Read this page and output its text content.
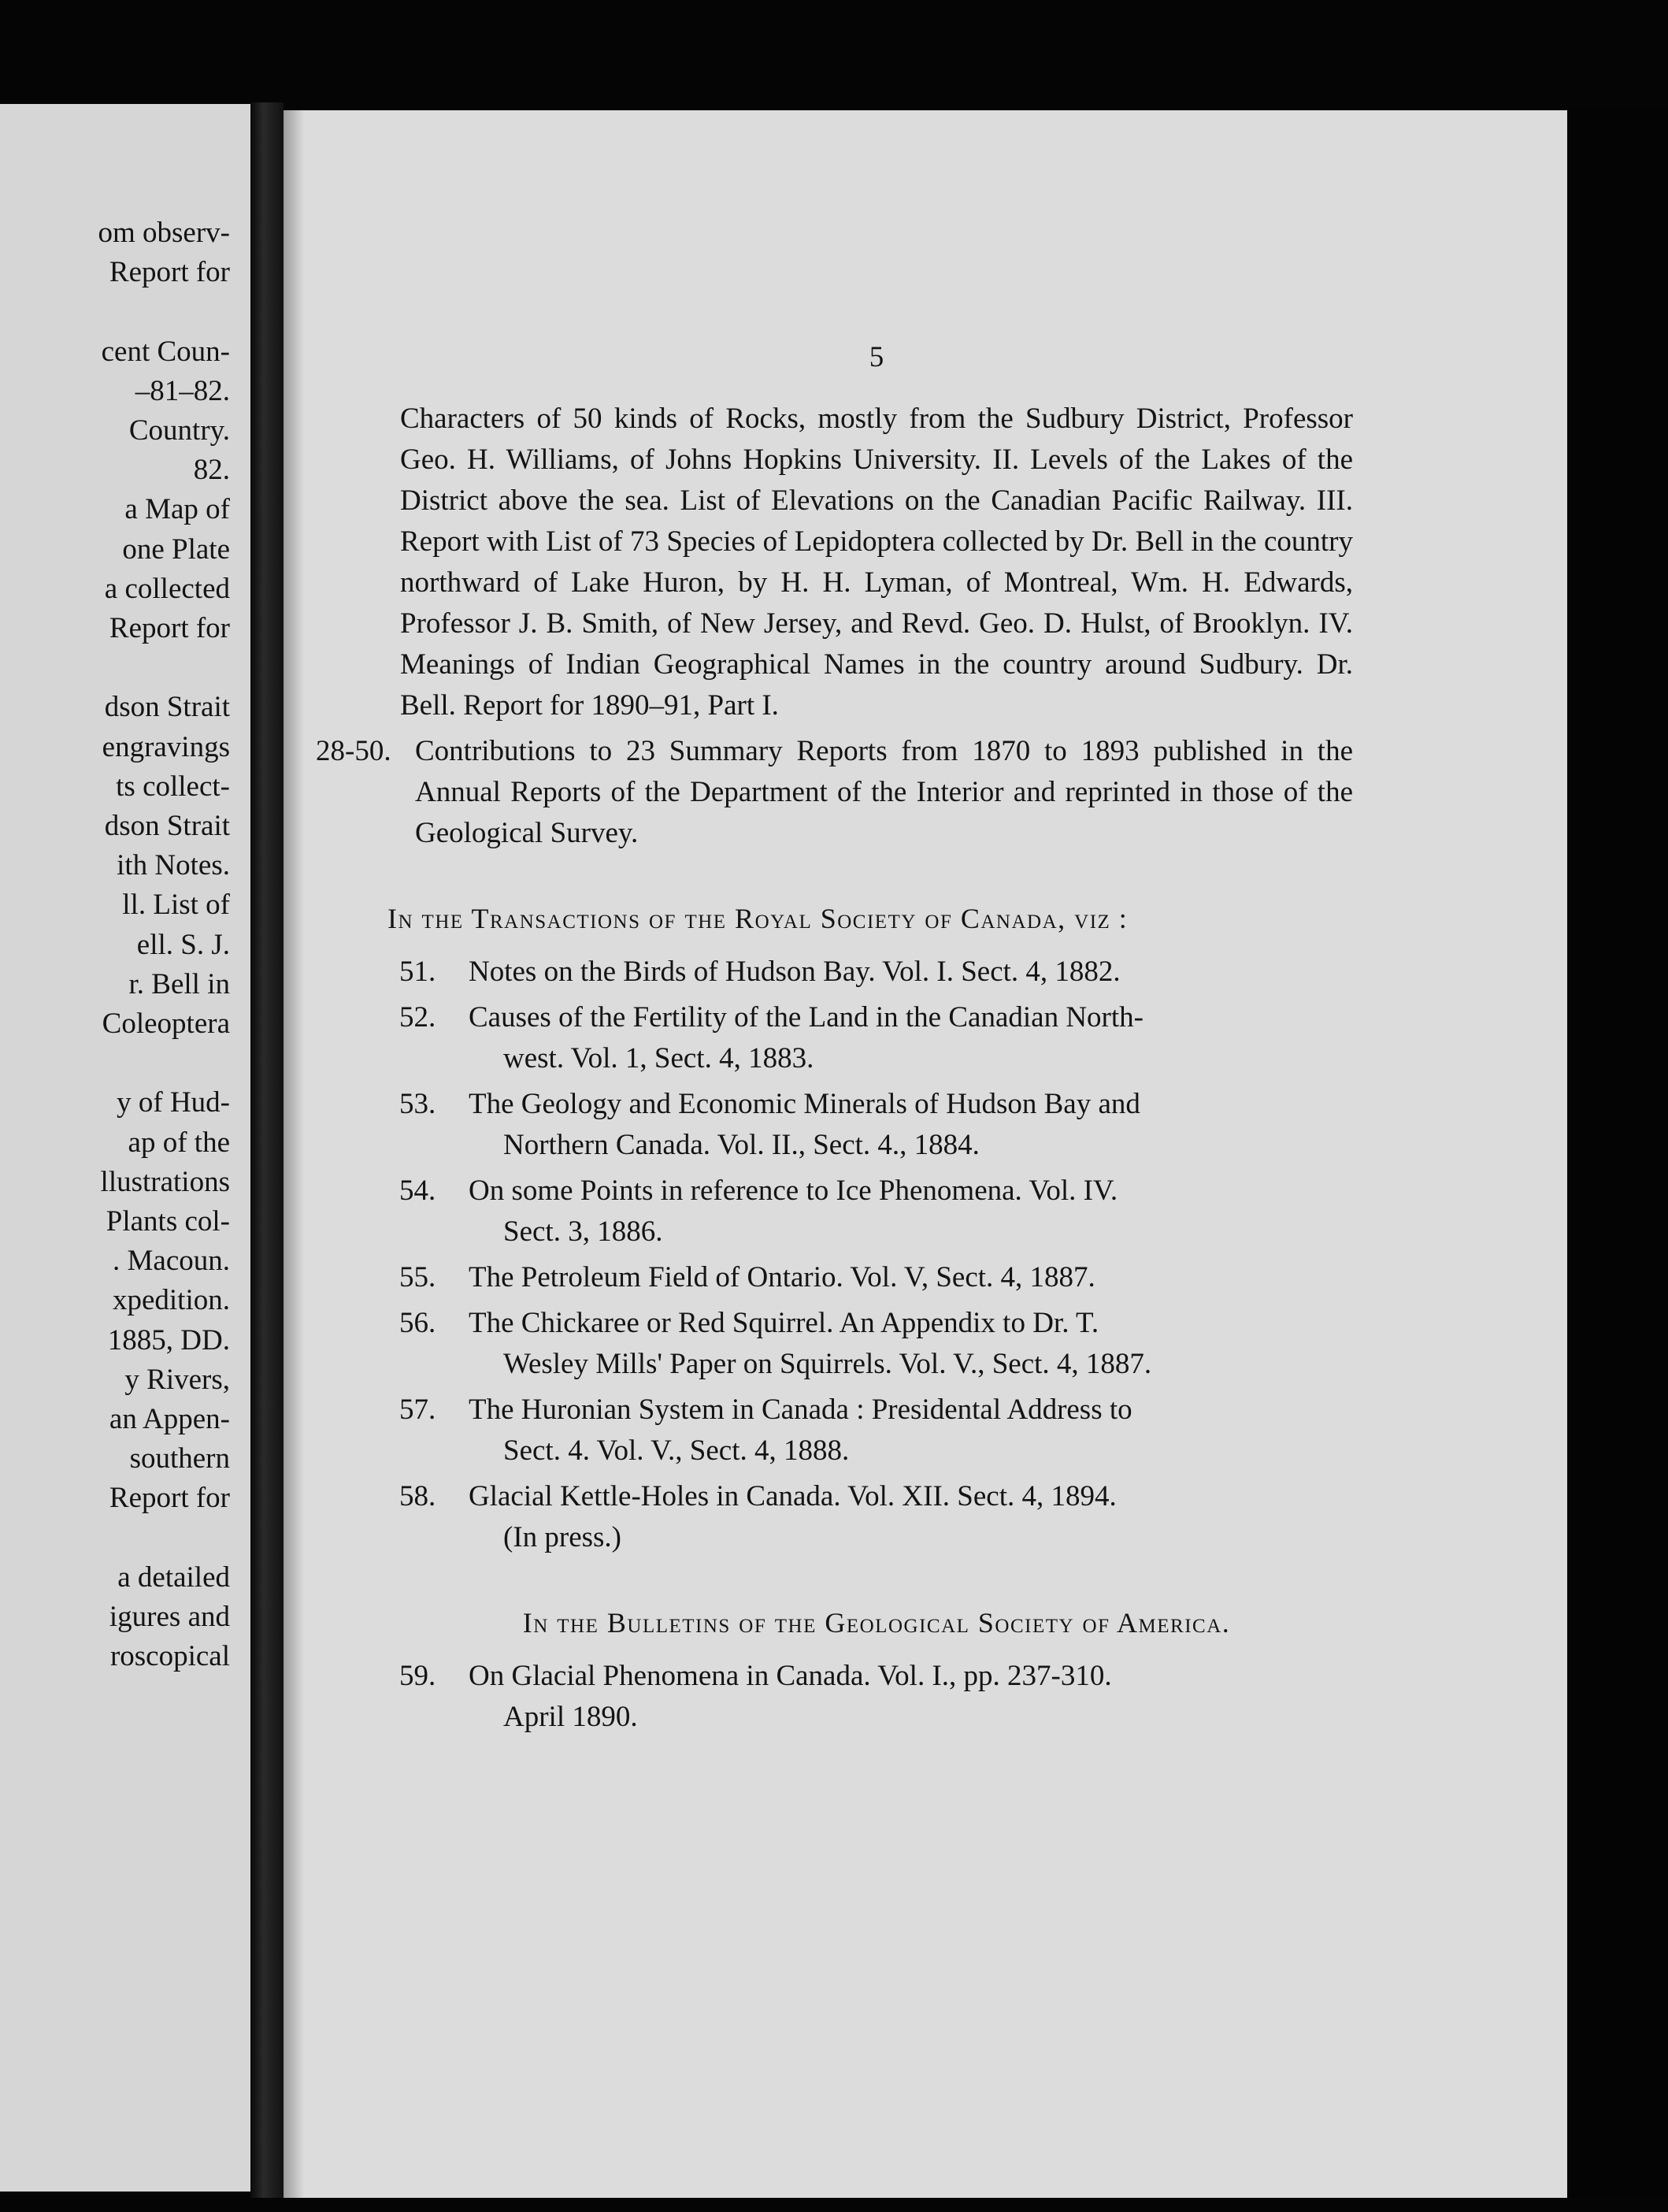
om observ-

Report for

cent Coun-

–81–82.

Country.

82.

a Map of

one Plate

a collected

Report for

dson Strait

engravings

ts collect-

dson Strait

ith Notes.

ll. List of

ell. S. J.

r. Bell in

Coleoptera

y of Hud-

ap of the

llustrations

Plants col-

. Macoun.

xpedition.

1885, DD.

y Rivers,

an Appen-

southern

Report for

a detailed

igures and

roscopical

5

Characters of 50 kinds of Rocks, mostly from the Sudbury District, Professor Geo. H. Williams, of Johns Hopkins University. II. Levels of the Lakes of the District above the sea. List of Elevations on the Canadian Pacific Railway. III. Report with List of 73 Species of Lepidoptera collected by Dr. Bell in the country northward of Lake Huron, by H. H. Lyman, of Montreal, Wm. H. Edwards, Professor J. B. Smith, of New Jersey, and Revd. Geo. D. Hulst, of Brooklyn. IV. Meanings of Indian Geographical Names in the country around Sudbury. Dr. Bell. Report for 1890–91, Part I.

28-50. Contributions to 23 Summary Reports from 1870 to 1893 published in the Annual Reports of the Department of the Interior and reprinted in those of the Geological Survey.
In the Transactions of the Royal Society of Canada, viz :
51.	Notes on the Birds of Hudson Bay. Vol. I. Sect. 4, 1882.
52.	Causes of the Fertility of the Land in the Canadian North-
west. Vol. 1, Sect. 4, 1883.
53.	The Geology and Economic Minerals of Hudson Bay and
Northern Canada. Vol. II., Sect. 4., 1884.
54.	On some Points in reference to Ice Phenomena. Vol. IV.
Sect. 3, 1886.
55.	The Petroleum Field of Ontario. Vol. V, Sect. 4, 1887.
56.	The Chickaree or Red Squirrel. An Appendix to Dr. T.
Wesley Mills' Paper on Squirrels. Vol. V., Sect. 4, 1887.
57.	The Huronian System in Canada : Presidental Address to
Sect. 4. Vol. V., Sect. 4, 1888.
58.	Glacial Kettle-Holes in Canada. Vol. XII. Sect. 4, 1894.
(In press.)
In the Bulletins of the Geological Society of America.
59.	On Glacial Phenomena in Canada. Vol. I., pp. 237-310.
April 1890.
